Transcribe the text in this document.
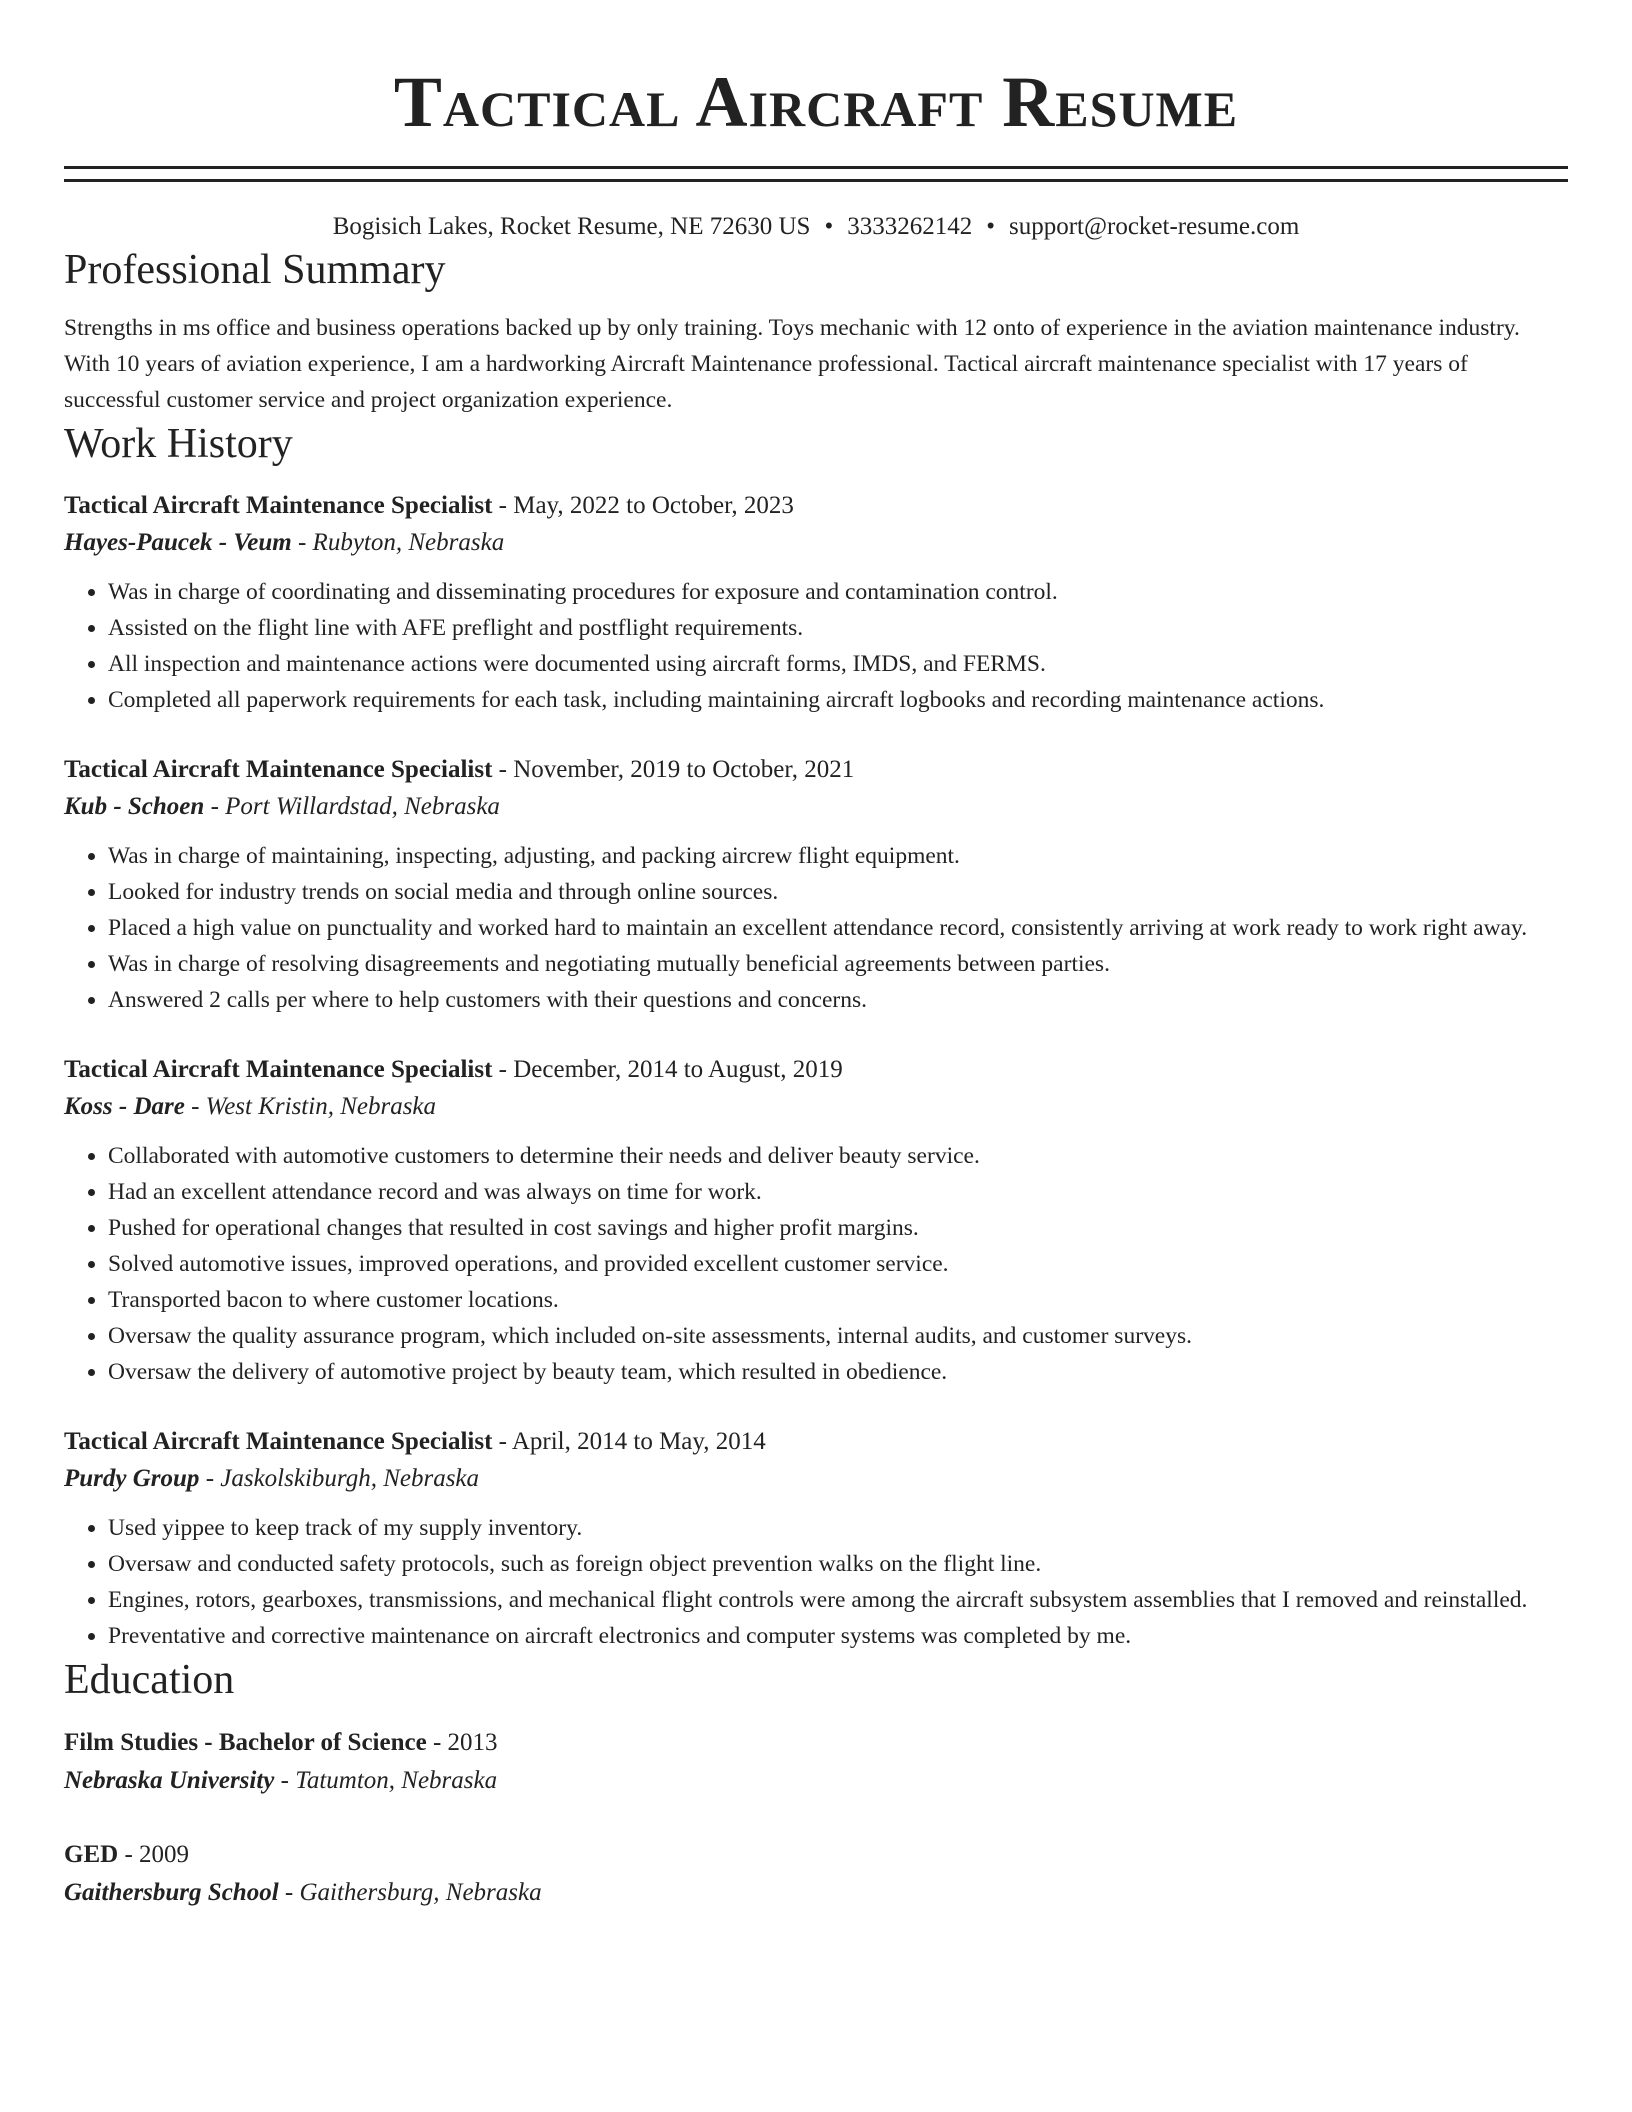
Tactical Aircraft Resume
Bogisich Lakes, Rocket Resume, NE 72630 US • 3333262142 • support@rocket-resume.com
Professional Summary

Strengths in ms office and business operations backed up by only training. Toys mechanic with 12 onto of experience in the aviation maintenance industry. With 10 years of aviation experience, I am a hardworking Aircraft Maintenance professional. Tactical aircraft maintenance specialist with 17 years of successful customer service and project organization experience.

Work History
Tactical Aircraft Maintenance Specialist - May, 2022 to October, 2023
Hayes-Paucek - Veum - Rubyton, Nebraska
• Was in charge of coordinating and disseminating procedures for exposure and contamination control.
• Assisted on the flight line with AFE preflight and postflight requirements.
• All inspection and maintenance actions were documented using aircraft forms, IMDS, and FERMS.
• Completed all paperwork requirements for each task, including maintaining aircraft logbooks and recording maintenance actions.
Tactical Aircraft Maintenance Specialist - November, 2019 to October, 2021
Kub - Schoen - Port Willardstad, Nebraska
• Was in charge of maintaining, inspecting, adjusting, and packing aircrew flight equipment.
• Looked for industry trends on social media and through online sources.
• Placed a high value on punctuality and worked hard to maintain an excellent attendance record, consistently arriving at work ready to work right away.
• Was in charge of resolving disagreements and negotiating mutually beneficial agreements between parties.
• Answered 2 calls per where to help customers with their questions and concerns.
Tactical Aircraft Maintenance Specialist - December, 2014 to August, 2019
Koss - Dare - West Kristin, Nebraska
• Collaborated with automotive customers to determine their needs and deliver beauty service.
• Had an excellent attendance record and was always on time for work.
• Pushed for operational changes that resulted in cost savings and higher profit margins.
• Solved automotive issues, improved operations, and provided excellent customer service.
• Transported bacon to where customer locations.
• Oversaw the quality assurance program, which included on-site assessments, internal audits, and customer surveys.
• Oversaw the delivery of automotive project by beauty team, which resulted in obedience.
Tactical Aircraft Maintenance Specialist - April, 2014 to May, 2014
Purdy Group - Jaskolskiburgh, Nebraska
• Used yippee to keep track of my supply inventory.
• Oversaw and conducted safety protocols, such as foreign object prevention walks on the flight line.
• Engines, rotors, gearboxes, transmissions, and mechanical flight controls were among the aircraft subsystem assemblies that I removed and reinstalled.
• Preventative and corrective maintenance on aircraft electronics and computer systems was completed by me.
Education
Film Studies - Bachelor of Science - 2013
Nebraska University - Tatumton, Nebraska
GED - 2009
Gaithersburg School - Gaithersburg, Nebraska
